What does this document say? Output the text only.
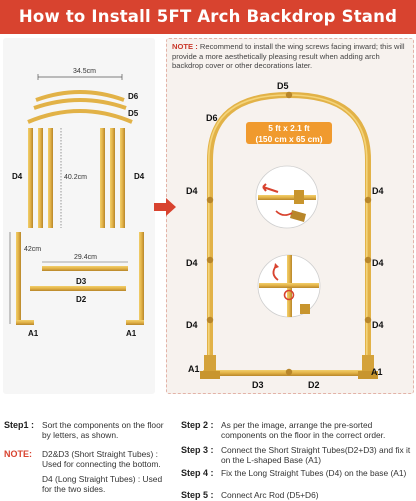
How to Install 5FT Arch Backdrop Stand
NOTE : Recommend to install the wing screws facing inward; this will provide a more aesthetically pleasing result when adding arch backdrop cover or other decorations later.
34.5cm
D6
D5
40.2cm
D4	D4
42cm
A1	A1
29.4cm
D3
D2
D5
D6
D4	D4
D4	D4
D4	D4
A1	A1
D3	D2
5 ft x 2.1 ft
(150 cm x 65 cm)
Step1 : Sort the components on the floor by letters, as shown.
NOTE:	D2&D3 (Short Straight Tubes) : Used for connecting the bottom.
D4 (Long Straight Tubes) : Used for the two sides.
Step 2 : As per the image, arrange the pre-sorted components on the floor in the correct order.
Step 3 : Connect the Short Straight Tubes(D2+D3) and fix it on the L-shaped Base (A1)
Step 4 : Fix the Long Straight Tubes (D4) on the base (A1)
Step 5 : Connect Arc Rod (D5+D6)
